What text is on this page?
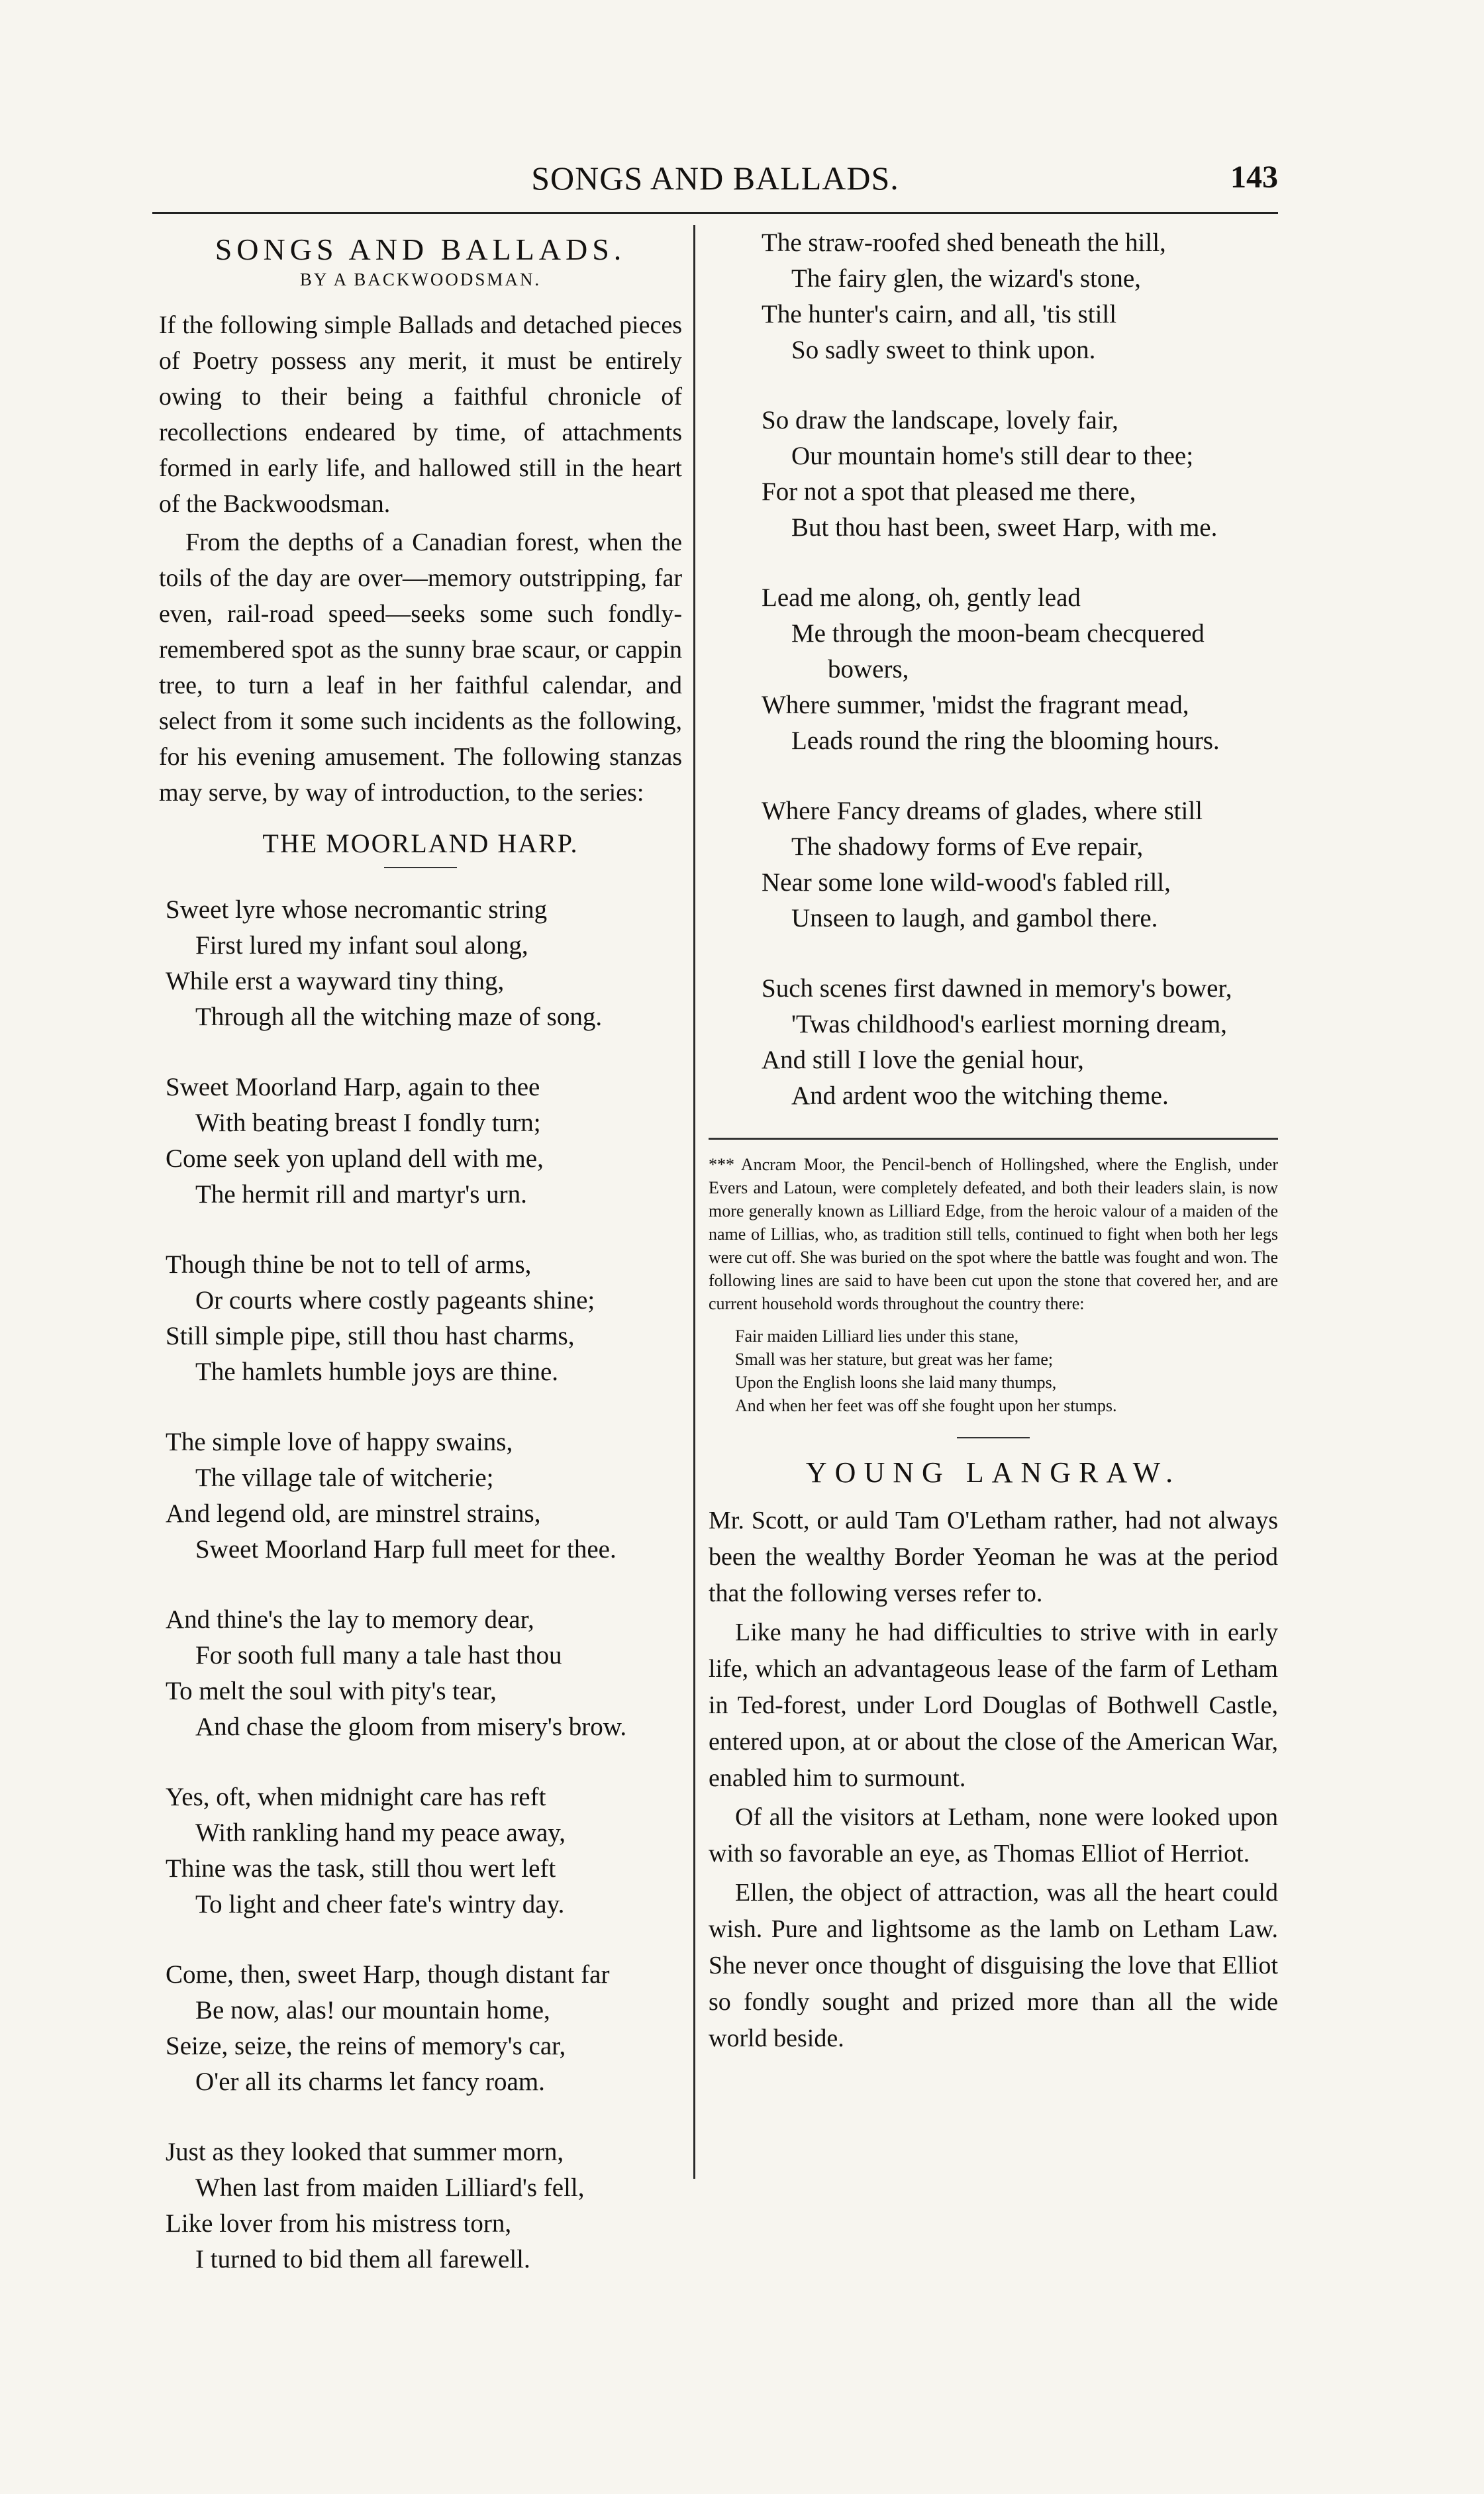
SONGS AND BALLADS.	143
SONGS AND BALLADS.
BY A BACKWOODSMAN.

If the following simple Ballads and detached pieces of Poetry possess any merit, it must be entirely owing to their being a faithful chronicle of recollections endeared by time, of attachments formed in early life, and hallowed still in the heart of the Backwoodsman.

From the depths of a Canadian forest, when the toils of the day are over—memory outstripping, far even, rail-road speed—seeks some such fondly-remembered spot as the sunny brae scaur, or cappin tree, to turn a leaf in her faithful calendar, and select from it some such incidents as the following, for his evening amusement. The following stanzas may serve, by way of introduction, to the series:

THE MOORLAND HARP.
Sweet lyre whose necromantic string
First lured my infant soul along,
While erst a wayward tiny thing,
Through all the witching maze of song.
Sweet Moorland Harp, again to thee
With beating breast I fondly turn;
Come seek yon upland dell with me,
The hermit rill and martyr's urn.
Though thine be not to tell of arms,
Or courts where costly pageants shine;
Still simple pipe, still thou hast charms,
The hamlets humble joys are thine.
The simple love of happy swains,
The village tale of witcherie;
And legend old, are minstrel strains,
Sweet Moorland Harp full meet for thee.
And thine's the lay to memory dear,
For sooth full many a tale hast thou
To melt the soul with pity's tear,
And chase the gloom from misery's brow.
Yes, oft, when midnight care has reft
With rankling hand my peace away,
Thine was the task, still thou wert left
To light and cheer fate's wintry day.
Come, then, sweet Harp, though distant far
Be now, alas! our mountain home,
Seize, seize, the reins of memory's car,
O'er all its charms let fancy roam.
Just as they looked that summer morn,
When last from maiden Lilliard's fell,
Like lover from his mistress torn,
I turned to bid them all farewell.
The straw-roofed shed beneath the hill,
The fairy glen, the wizard's stone,
The hunter's cairn, and all, 'tis still
So sadly sweet to think upon.
So draw the landscape, lovely fair,
Our mountain home's still dear to thee;
For not a spot that pleased me there,
But thou hast been, sweet Harp, with me.
Lead me along, oh, gently lead
Me through the moon-beam checquered
bowers,
Where summer, 'midst the fragrant mead,
Leads round the ring the blooming hours.
Where Fancy dreams of glades, where still
The shadowy forms of Eve repair,
Near some lone wild-wood's fabled rill,
Unseen to laugh, and gambol there.
Such scenes first dawned in memory's bower,
'Twas childhood's earliest morning dream,
And still I love the genial hour,
And ardent woo the witching theme.

*** Ancram Moor, the Pencil-bench of Hollingshed, where the English, under Evers and Latoun, were completely defeated, and both their leaders slain, is now more generally known as Lilliard Edge, from the heroic valour of a maiden of the name of Lillias, who, as tradition still tells, continued to fight when both her legs were cut off. She was buried on the spot where the battle was fought and won. The following lines are said to have been cut upon the stone that covered her, and are current household words throughout the country there:

Fair maiden Lilliard lies under this stane,
Small was her stature, but great was her fame;
Upon the English loons she laid many thumps,
And when her feet was off she fought upon her stumps.
YOUNG LANGRAW.

Mr. Scott, or auld Tam O'Letham rather, had not always been the wealthy Border Yeoman he was at the period that the following verses refer to.

Like many he had difficulties to strive with in early life, which an advantageous lease of the farm of Letham in Ted-forest, under Lord Douglas of Bothwell Castle, entered upon, at or about the close of the American War, enabled him to surmount.

Of all the visitors at Letham, none were looked upon with so favorable an eye, as Thomas Elliot of Herriot.

Ellen, the object of attraction, was all the heart could wish. Pure and lightsome as the lamb on Letham Law. She never once thought of disguising the love that Elliot so fondly sought and prized more than all the wide world beside.
